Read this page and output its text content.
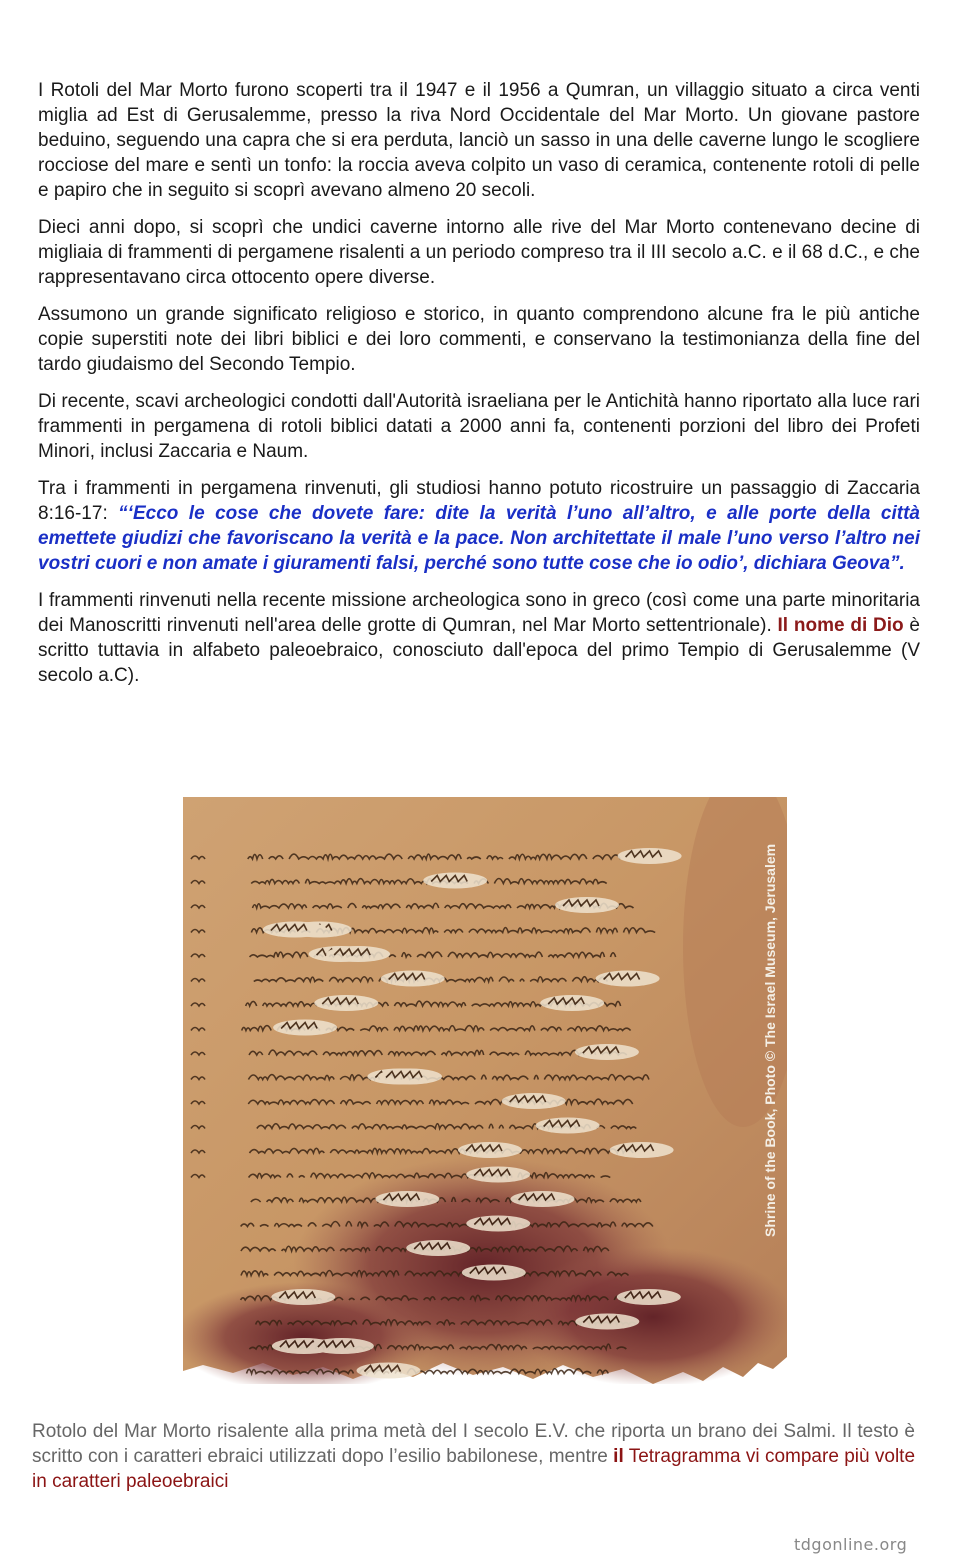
I Rotoli del Mar Morto furono scoperti tra il 1947 e il 1956 a Qumran, un villaggio situato a circa venti miglia ad Est di Gerusalemme, presso la riva Nord Occidentale del Mar Morto. Un giovane pastore beduino, seguendo una capra che si era perduta, lanciò un sasso in una delle caverne lungo le scogliere rocciose del mare e sentì un tonfo: la roccia aveva colpito un vaso di ceramica, contenente rotoli di pelle e papiro che in seguito si scoprì avevano almeno 20 secoli.

Dieci anni dopo, si scoprì che undici caverne intorno alle rive del Mar Morto contenevano decine di migliaia di frammenti di pergamene risalenti a un periodo compreso tra il III secolo a.C. e il 68 d.C., e che rappresentavano circa ottocento opere diverse.

Assumono un grande significato religioso e storico, in quanto comprendono alcune fra le più antiche copie superstiti note dei libri biblici e dei loro commenti, e conservano la testimonianza della fine del tardo giudaismo del Secondo Tempio.

Di recente, scavi archeologici condotti dall'Autorità israeliana per le Antichità hanno riportato alla luce rari frammenti in pergamena di rotoli biblici datati a 2000 anni fa, contenenti porzioni del libro dei Profeti Minori, inclusi Zaccaria e Naum.

Tra i frammenti in pergamena rinvenuti, gli studiosi hanno potuto ricostruire un passaggio di Zaccaria 8:16-17: “‘Ecco le cose che dovete fare: dite la verità l’uno all’altro, e alle porte della città emettete giudizi che favoriscano la verità e la pace. Non architettate il male l’uno verso l’altro nei vostri cuori e non amate i giuramenti falsi, perché sono tutte cose che io odio’, dichiara Geova”.

I frammenti rinvenuti nella recente missione archeologica sono in greco (così come una parte minoritaria dei Manoscritti rinvenuti nell'area delle grotte di Qumran, nel Mar Morto settentrionale). Il nome di Dio è scritto tuttavia in alfabeto paleoebraico, conosciuto dall'epoca del primo Tempio di Gerusalemme (V secolo a.C).

Shrine of the Book, Photo © The Israel Museum, Jerusalem
Rotolo del Mar Morto risalente alla prima metà del I secolo E.V. che riporta un brano dei Salmi. Il testo è scritto con i caratteri ebraici utilizzati dopo l’esilio babilonese, mentre il Tetragramma vi compare più volte in caratteri paleoebraici

tdgonline.org
